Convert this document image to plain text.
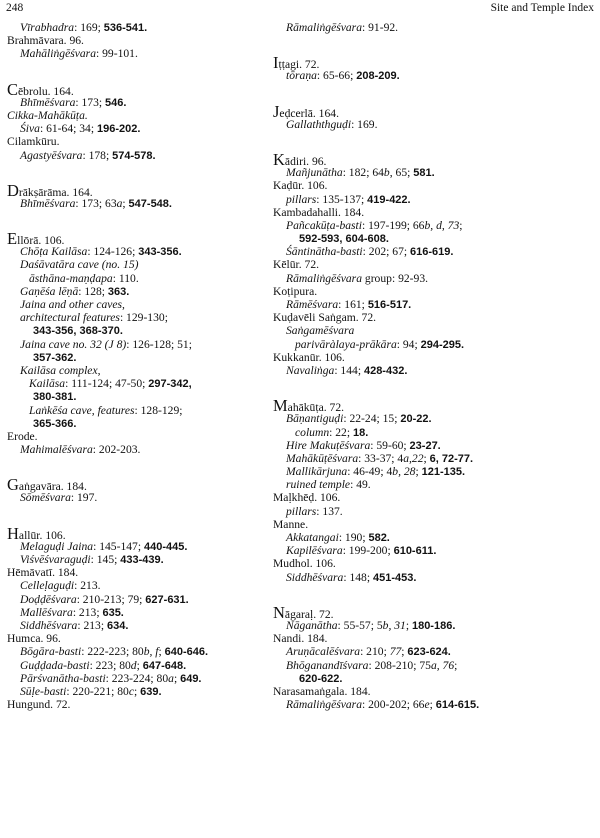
248	Site and Temple Index
Vīrabhadra: 169; 536-541.
Brahmāvara. 96.
Mahāliṅgēśvara: 99-101.
Cēbrolu. 164.
Bhīmēśvara: 173; 546.
Cikka-Mahākūṭa.
Śiva: 61-64; 34; 196-202.
Cilamkūru.
Agastyēśvara: 178; 574-578.
Drākṣārāma. 164.
Bhīmēśvara: 173; 63a; 547-548.
Ellōrā. 106.
Chōṭa Kailāsa: 124-126; 343-356.
Daśāvatāra cave (no. 15)
āsthāna-maṇḍapa: 110.
Gaṇēśa lēṇā: 128; 363.
Jaina and other caves,
architectural features: 129-130;
343-356, 368-370.
Jaina cave no. 32 (J 8): 126-128; 51;
357-362.
Kailāsa complex,
Kailāsa: 111-124; 47-50; 297-342,
380-381.
Laṅkēśa cave, features: 128-129;
365-366.
Erode.
Mahimalēśvara: 202-203.
Gaṅgavāra. 184.
Sōmēśvara: 197.
Hallūr. 106.
Melaguḍi Jaina: 145-147; 440-445.
Viśvēśvaraguḍi: 145; 433-439.
Hēmāvatī. 184.
Celleḷaguḍi: 213.
Doḍḍēśvara: 210-213; 79; 627-631.
Mallēśvara: 213; 635.
Siddhēśvara: 213; 634.
Humca. 96.
Bōgāra-basti: 222-223; 80b, f; 640-646.
Guḍḍada-basti: 223; 80d; 647-648.
Pārśvanātha-basti: 223-224; 80a; 649.
Sūḷe-basti: 220-221; 80c; 639.
Hungund. 72.
Rāmaliṅgēśvara: 91-92.
Iṭṭagi. 72.
tōraṇa: 65-66; 208-209.
Jeḍcerlā. 164.
Gallaththguḍi: 169.
Kādiri. 96.
Mañjunātha: 182; 64b, 65; 581.
Kaḍūr. 106.
pillars: 135-137; 419-422.
Kambadahalli. 184.
Pañcakūṭa-basti: 197-199; 66b, d, 73;
592-593, 604-608.
Śāntinātha-basti: 202; 67; 616-619.
Kēlūr. 72.
Rāmaliṅgēśvara group: 92-93.
Koṭipura.
Rāmēśvara: 161; 516-517.
Kuḍavēli Saṅgam. 72.
Saṅgamēśvara
parivāràlaya-prākāra: 94; 294-295.
Kukkanūr. 106.
Navaliṅga: 144; 428-432.
Mahākūṭa. 72.
Bāṇantiguḍi: 22-24; 15; 20-22.
column: 22; 18.
Hire Makuṭēśvara: 59-60; 23-27.
Mahākūṭēśvara: 33-37; 4a,22; 6, 72-77.
Mallikārjuna: 46-49; 4b, 28; 121-135.
ruined temple: 49.
Maḷkhēḍ. 106.
pillars: 137.
Manne.
Akkatangai: 190; 582.
Kapilēśvara: 199-200; 610-611.
Mudhol. 106.
Siddhēśvara: 148; 451-453.
Nāgaraḷ. 72.
Nāganātha: 55-57; 5b, 31; 180-186.
Nandi. 184.
Aruṇācalēśvara: 210; 77; 623-624.
Bhōganandīśvara: 208-210; 75a, 76;
620-622.
Narasamaṅgala. 184.
Rāmaliṅgēśvara: 200-202; 66e; 614-615.
